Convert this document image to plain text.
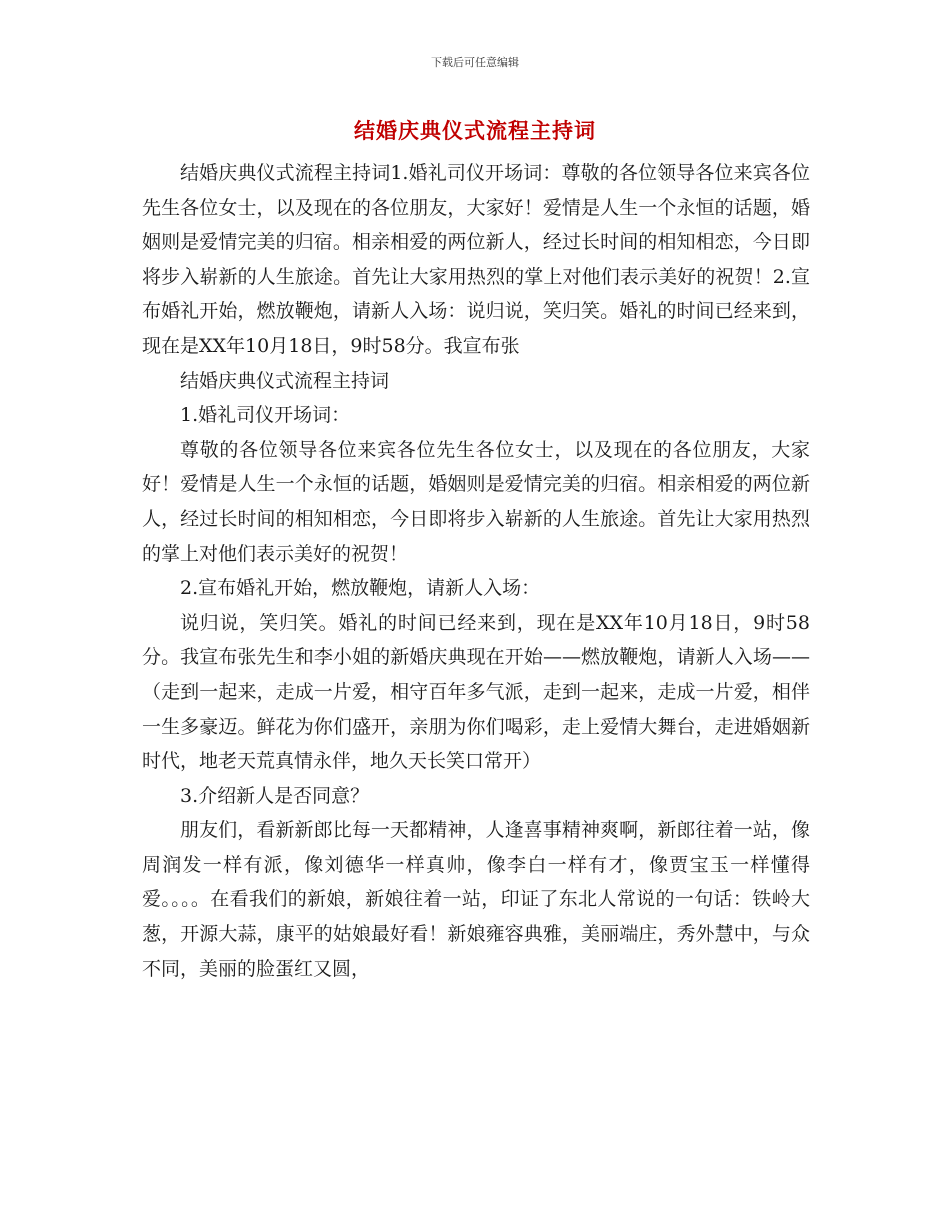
下载后可任意编辑
结婚庆典仪式流程主持词

结婚庆典仪式流程主持词1.婚礼司仪开场词：尊敬的各位领导各位来宾各位先生各位女士，以及现在的各位朋友，大家好！爱情是人生一个永恒的话题，婚姻则是爱情完美的归宿。相亲相爱的两位新人，经过长时间的相知相恋，今日即将步入崭新的人生旅途。首先让大家用热烈的掌上对他们表示美好的祝贺！2.宣布婚礼开始，燃放鞭炮，请新人入场：说归说，笑归笑。婚礼的时间已经来到，现在是XX年10月18日，9时58分。我宣布张

结婚庆典仪式流程主持词

1.婚礼司仪开场词：

尊敬的各位领导各位来宾各位先生各位女士，以及现在的各位朋友，大家好！爱情是人生一个永恒的话题，婚姻则是爱情完美的归宿。相亲相爱的两位新人，经过长时间的相知相恋，今日即将步入崭新的人生旅途。首先让大家用热烈的掌上对他们表示美好的祝贺！

2.宣布婚礼开始，燃放鞭炮，请新人入场：

说归说，笑归笑。婚礼的时间已经来到，现在是XX年10月18日，9时58分。我宣布张先生和李小姐的新婚庆典现在开始——燃放鞭炮，请新人入场——（走到一起来，走成一片爱，相守百年多气派，走到一起来，走成一片爱，相伴一生多豪迈。鲜花为你们盛开，亲朋为你们喝彩，走上爱情大舞台，走进婚姻新时代，地老天荒真情永伴，地久天长笑口常开）

3.介绍新人是否同意？

朋友们，看新新郎比每一天都精神，人逢喜事精神爽啊，新郎往着一站，像周润发一样有派，像刘德华一样真帅，像李白一样有才，像贾宝玉一样懂得爱。。。。在看我们的新娘，新娘往着一站，印证了东北人常说的一句话：铁岭大葱，开源大蒜，康平的姑娘最好看！新娘雍容典雅，美丽端庄，秀外慧中，与众不同，美丽的脸蛋红又圆，
